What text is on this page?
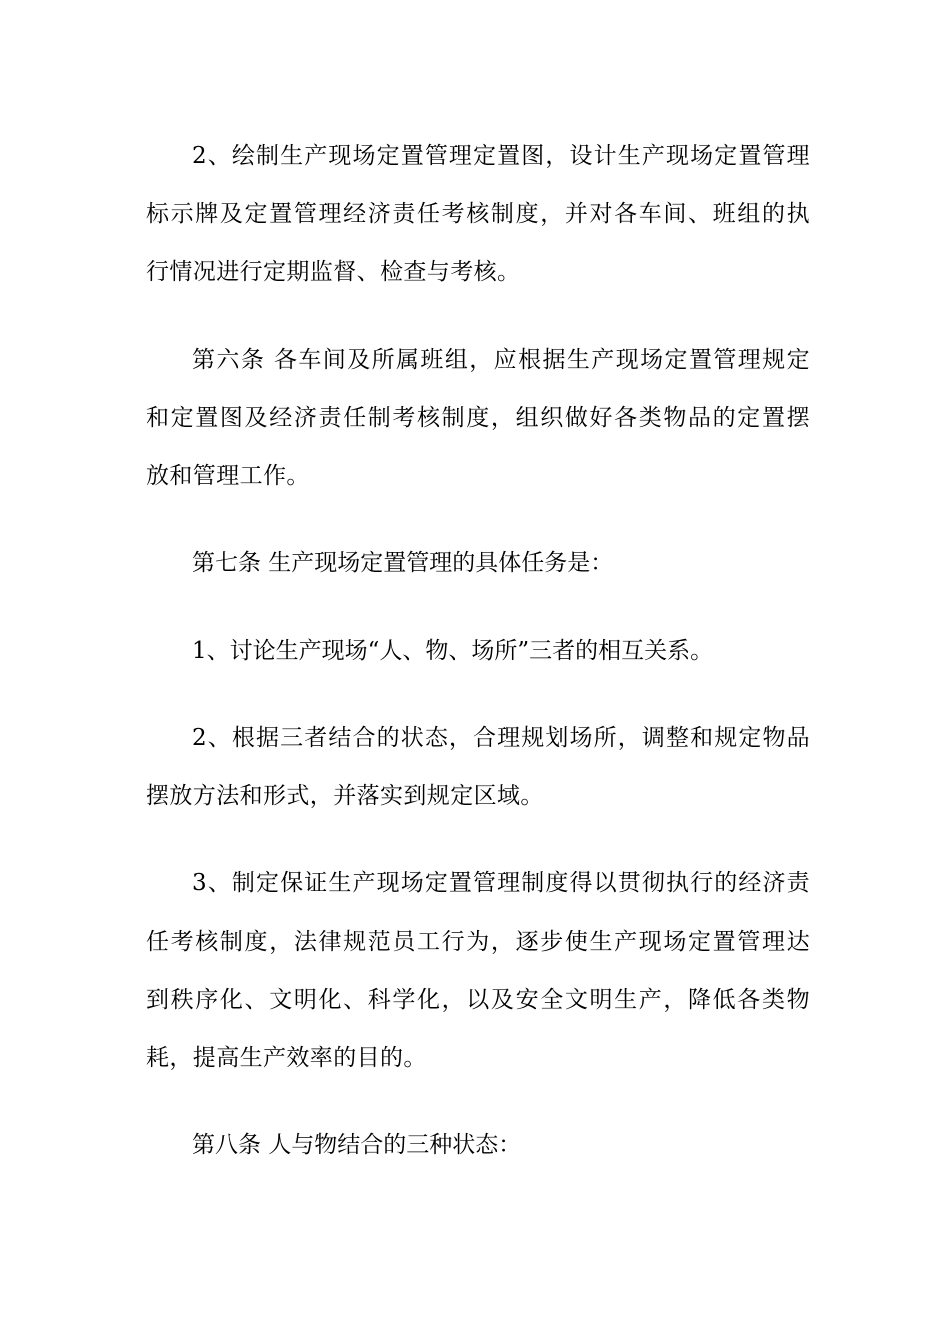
2、绘制生产现场定置管理定置图，设计生产现场定置管理
标示牌及定置管理经济责任考核制度，并对各车间、班组的执
行情况进行定期监督、检查与考核。
第六条 各车间及所属班组，应根据生产现场定置管理规定
和定置图及经济责任制考核制度，组织做好各类物品的定置摆
放和管理工作。
第七条 生产现场定置管理的具体任务是：
1、讨论生产现场“人、物、场所”三者的相互关系。
2、根据三者结合的状态，合理规划场所，调整和规定物品
摆放方法和形式，并落实到规定区域。
3、制定保证生产现场定置管理制度得以贯彻执行的经济责
任考核制度，法律规范员工行为，逐步使生产现场定置管理达
到秩序化、文明化、科学化，以及安全文明生产，降低各类物
耗，提高生产效率的目的。
第八条 人与物结合的三种状态：
